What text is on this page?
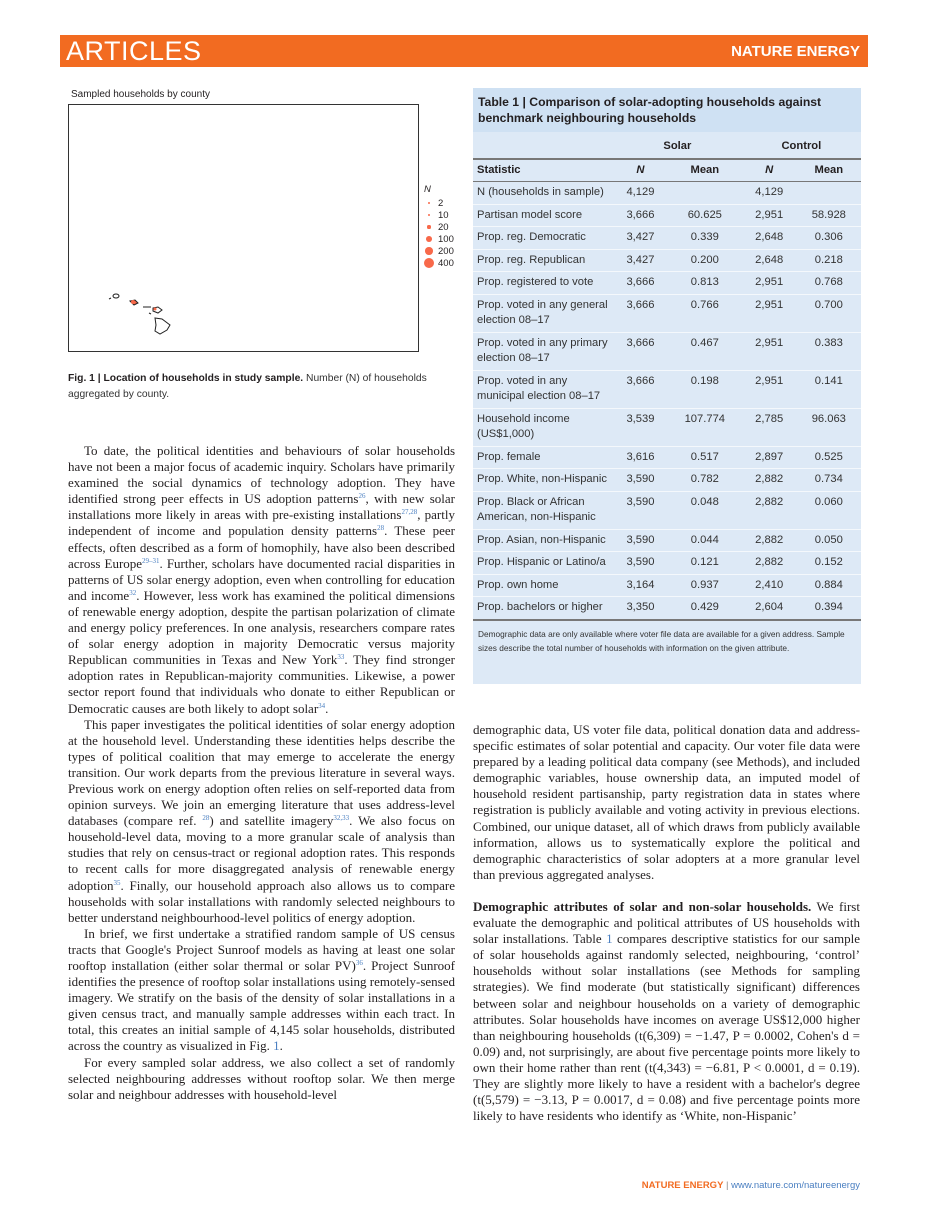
ARTICLES	NATURE ENERGY
Sampled households by county
N
2
10
20
100
200
400
Fig. 1 | Location of households in study sample. Number (N) of households aggregated by county.
Table 1 | Comparison of solar-adopting households against benchmark neighbouring households
	Solar		Control	
Statistic	N	Mean	N	Mean
N (households in sample)	4,129		4,129	
Partisan model score	3,666	60.625	2,951	58.928
Prop. reg. Democratic	3,427	0.339	2,648	0.306
Prop. reg. Republican	3,427	0.200	2,648	0.218
Prop. registered to vote	3,666	0.813	2,951	0.768
Prop. voted in any general election 08–17	3,666	0.766	2,951	0.700
Prop. voted in any primary election 08–17	3,666	0.467	2,951	0.383
Prop. voted in any municipal election 08–17	3,666	0.198	2,951	0.141
Household income (US$1,000)	3,539	107.774	2,785	96.063
Prop. female	3,616	0.517	2,897	0.525
Prop. White, non-Hispanic	3,590	0.782	2,882	0.734
Prop. Black or African American, non-Hispanic	3,590	0.048	2,882	0.060
Prop. Asian, non-Hispanic	3,590	0.044	2,882	0.050
Prop. Hispanic or Latino/a	3,590	0.121	2,882	0.152
Prop. own home	3,164	0.937	2,410	0.884
Prop. bachelors or higher	3,350	0.429	2,604	0.394
Demographic data are only available where voter file data are available for a given address. Sample sizes describe the total number of households with information on the given attribute.

To date, the political identities and behaviours of solar households have not been a major focus of academic inquiry. Scholars have primarily examined the social dynamics of technology adoption. They have identified strong peer effects in US adoption patterns$^{26}$, with new solar installations more likely in areas with pre-existing installations$^{27,28}$, partly independent of income and population density patterns$^{28}$. These peer effects, often described as a form of homophily, have also been described across Europe$^{29-31}$. Further, scholars have documented racial disparities in patterns of US solar energy adoption, even when controlling for education and income$^{32}$. However, less work has examined the political dimensions of renewable energy adoption, despite the partisan polarization of climate and energy policy preferences. In one analysis, researchers compare rates of solar energy adoption in majority Democratic versus majority Republican communities in Texas and New York$^{33}$. They find stronger adoption rates in Republican-majority communities. Likewise, a power sector report found that individuals who donate to either Republican or Democratic causes are both likely to adopt solar$^{34}$.

This paper investigates the political identities of solar energy adoption at the household level. Understanding these identities helps describe the types of political coalition that may emerge to accelerate the energy transition. Our work departs from the previous literature in several ways. Previous work on energy adoption often relies on self-reported data from opinion surveys. We join an emerging literature that uses address-level databases (compare ref. $^{28}$) and satellite imagery$^{32,33}$. We also focus on household-level data, moving to a more granular scale of analysis than studies that rely on census-tract or regional adoption rates. This responds to recent calls for more disaggregated analysis of renewable energy adoption$^{35}$. Finally, our household approach also allows us to compare households with solar installations with randomly selected neighbours to better understand neighbourhood-level politics of energy adoption.

In brief, we first undertake a stratified random sample of US census tracts that Google's Project Sunroof models as having at least one solar rooftop installation (either solar thermal or solar PV)$^{36}$. Project Sunroof identifies the presence of rooftop solar installations using remotely-sensed imagery. We stratify on the basis of the density of solar installations in a given census tract, and manually sample addresses within each tract. In total, this creates an initial sample of 4,145 solar households, distributed across the country as visualized in Fig. 1.

For every sampled solar address, we also collect a set of randomly selected neighbouring addresses without rooftop solar. We then merge solar and neighbour addresses with household-level

demographic data, US voter file data, political donation data and address-specific estimates of solar potential and capacity. Our voter file data were prepared by a leading political data company (see Methods), and included demographic variables, house ownership data, an imputed model of household resident partisanship, party registration data in states where registration is publicly available and voting activity in previous elections. Combined, our unique dataset, all of which draws from publicly available information, allows us to systematically explore the political and demographic characteristics of solar adopters at a more granular level than previous aggregated analyses.

Demographic attributes of solar and non-solar households. We first evaluate the demographic and political attributes of US households with solar installations. Table 1 compares descriptive statistics for our sample of solar households against randomly selected, neighbouring, ‘control’ households without solar installations (see Methods for sampling strategies). We find moderate (but statistically significant) differences between solar and neighbour households on a variety of demographic attributes. Solar households have incomes on average US$12,000 higher than neighbouring households (t(6,309) = −1.47, P = 0.0002, Cohen's d = 0.09) and, not surprisingly, are about five percentage points more likely to own their home rather than rent (t(4,343) = −6.81, P < 0.0001, d = 0.19). They are slightly more likely to have a resident with a bachelor's degree (t(5,579) = −3.13, P = 0.0017, d = 0.08) and five percentage points more likely to have residents who identify as ‘White, non-Hispanic’

NATURE ENERGY | www.nature.com/natureenergy
